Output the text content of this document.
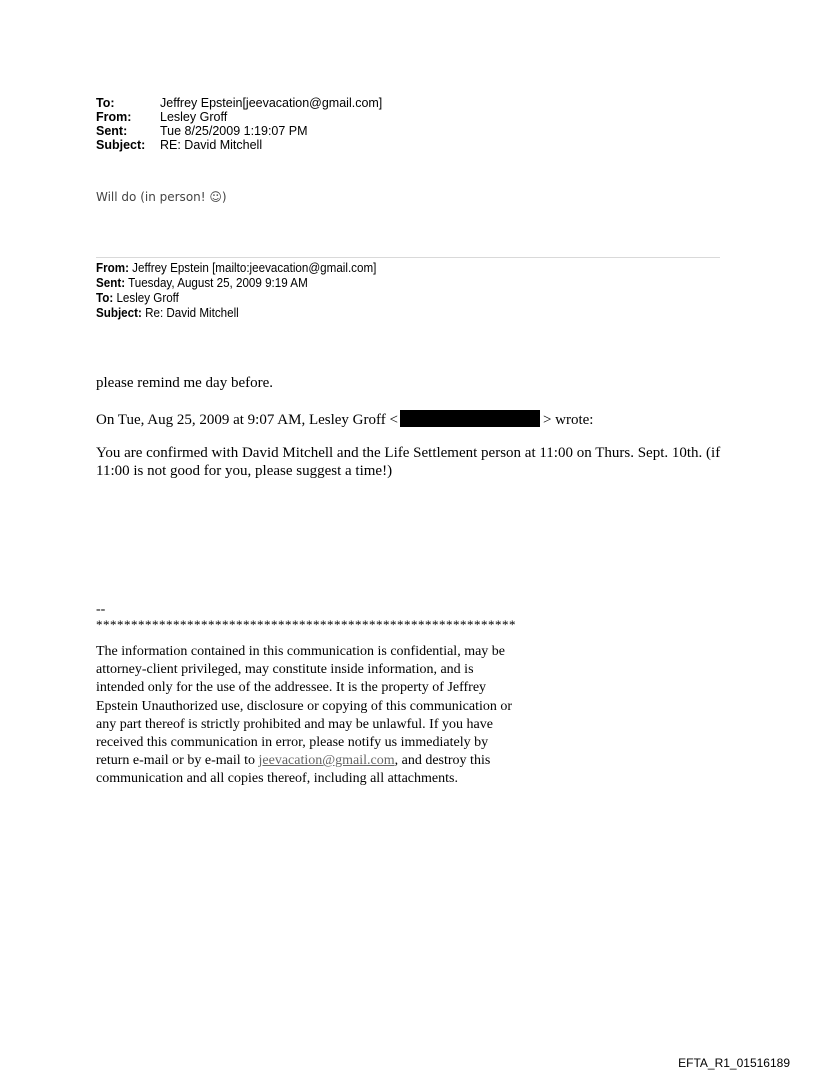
To:	Jeffrey Epstein[jeevacation@gmail.com]
From:	Lesley Groff
Sent:	Tue 8/25/2009 1:19:07 PM
Subject:	RE: David Mitchell
Will do (in person! ☺)
From: Jeffrey Epstein [mailto:jeevacation@gmail.com]
Sent: Tuesday, August 25, 2009 9:19 AM
To: Lesley Groff
Subject: Re: David Mitchell
please remind me day before.
On Tue, Aug 25, 2009 at 9:07 AM, Lesley Groff <	> wrote:
You are confirmed with David Mitchell and the Life Settlement person at 11:00 on Thurs. Sept. 10th. (if 11:00 is not good for you, please suggest a time!)
--
************************************************************
The information contained in this communication is confidential, may be attorney-client privileged, may constitute inside information, and is intended only for the use of the addressee. It is the property of Jeffrey Epstein Unauthorized use, disclosure or copying of this communication or any part thereof is strictly prohibited and may be unlawful. If you have received this communication in error, please notify us immediately by return e-mail or by e-mail to jeevacation@gmail.com, and destroy this communication and all copies thereof, including all attachments.
EFTA_R1_01516189
